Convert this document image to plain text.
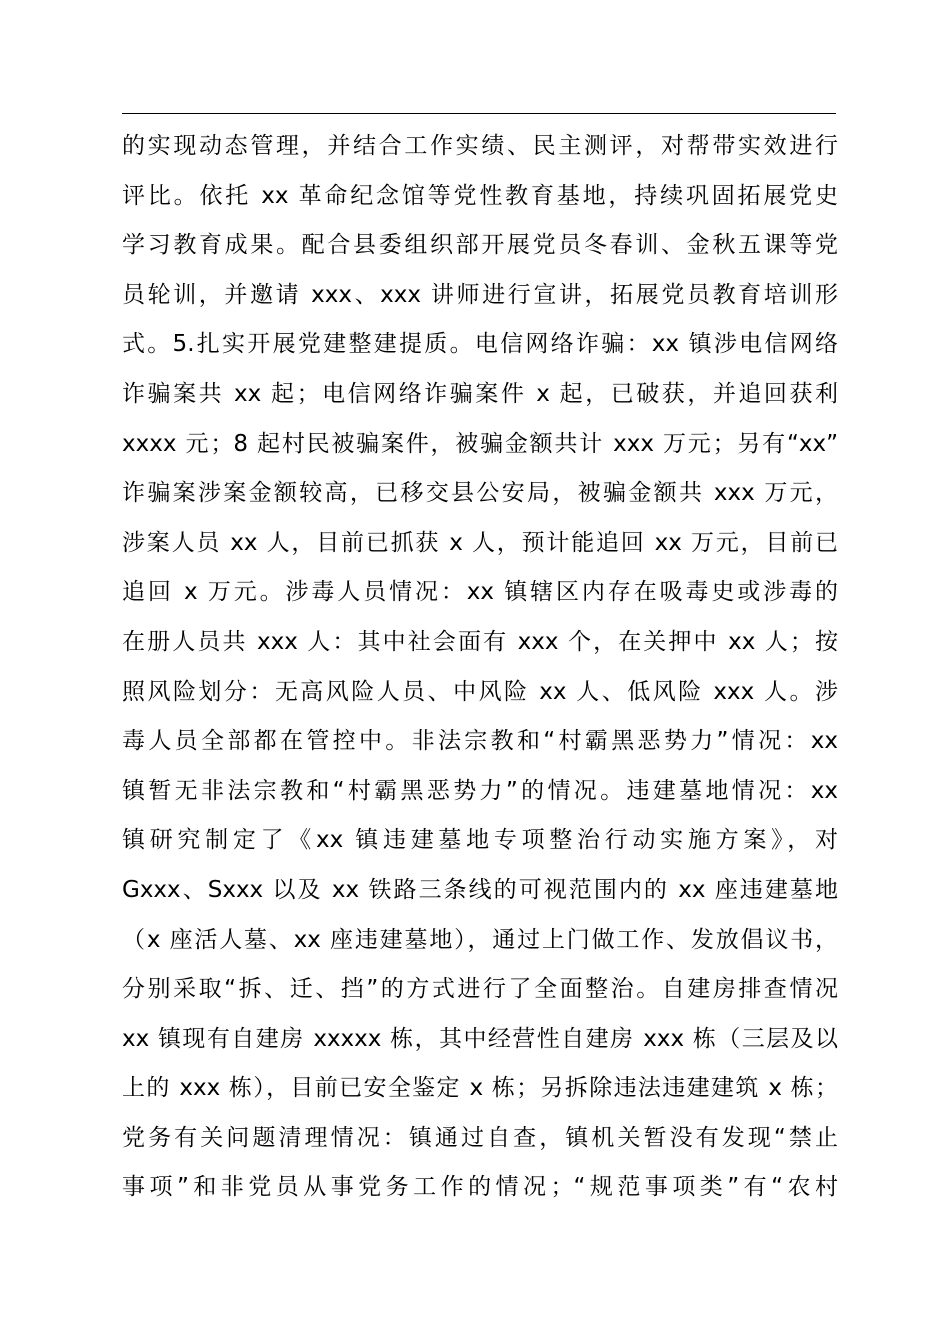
的实现动态管理，并结合工作实绩、民主测评，对帮带实效进行
评比。依托 xx 革命纪念馆等党性教育基地，持续巩固拓展党史
学习教育成果。配合县委组织部开展党员冬春训、金秋五课等党
员轮训，并邀请 xxx、xxx 讲师进行宣讲，拓展党员教育培训形
式。5.扎实开展党建整建提质。电信网络诈骗：xx 镇涉电信网络
诈骗案共 xx 起；电信网络诈骗案件 x 起，已破获，并追回获利
xxxx 元；8 起村民被骗案件，被骗金额共计 xxx 万元；另有“xx”
诈骗案涉案金额较高，已移交县公安局，被骗金额共 xxx 万元，
涉案人员 xx 人，目前已抓获 x 人，预计能追回 xx 万元，目前已
追回 x 万元。涉毒人员情况：xx 镇辖区内存在吸毒史或涉毒的
在册人员共 xxx 人：其中社会面有 xxx 个，在关押中 xx 人；按
照风险划分：无高风险人员、中风险 xx 人、低风险 xxx 人。涉
毒人员全部都在管控中。非法宗教和“村霸黑恶势力”情况：xx
镇暂无非法宗教和“村霸黑恶势力”的情况。违建墓地情况：xx
镇研究制定了《xx 镇违建墓地专项整治行动实施方案》，对
Gxxx、Sxxx 以及 xx 铁路三条线的可视范围内的 xx 座违建墓地
（x 座活人墓、xx 座违建墓地），通过上门做工作、发放倡议书，
分别采取“拆、迁、挡”的方式进行了全面整治。自建房排查情况
xx 镇现有自建房 xxxxx 栋，其中经营性自建房 xxx 栋（三层及以
上的 xxx 栋），目前已安全鉴定 x 栋；另拆除违法违建建筑 x 栋；
党务有关问题清理情况：镇通过自查，镇机关暂没有发现“禁止
事项”和非党员从事党务工作的情况；“规范事项类”有“农村
